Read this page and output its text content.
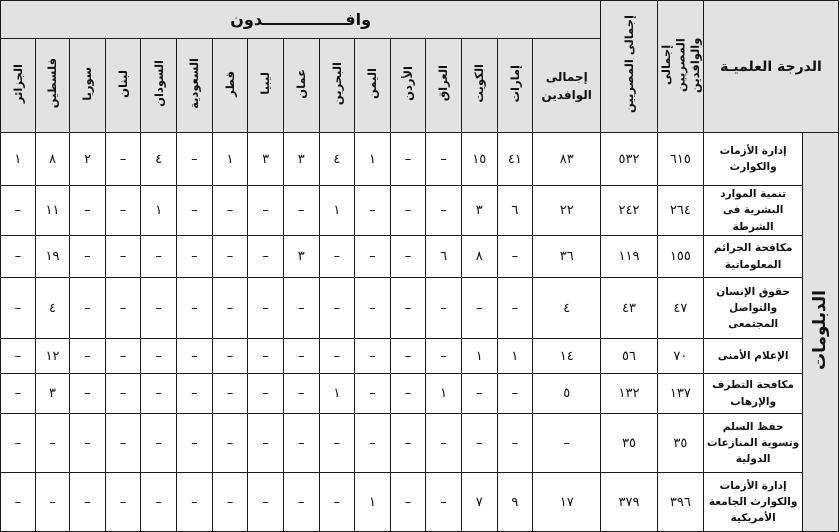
الدرجة العلميـة		إجمالى المصريين والوافدين	إجمالى المصريين	وافـــــــــــــــدون															
				إجمالى الوافدين	إمارات	الكويت	العراق	الأردن	اليمن	البحرين	عمان	ليبيا	قطر	السعودية	السودان	لبنان	سوريا	فلسطين	الجزائر
الدبلومات	إدارة الأزمات والكوارث	٦١٥	٥٣٢	٨٣	٤١	١٥	–	–	١	٤	٣	٣	١	–	٤	–	٢	٨	١
	تنمية الموارد البشرية فى الشرطة	٢٦٤	٢٤٢	٢٢	٦	٣	–	–	–	١	–	–	–	–	١	–	–	١١	–
	مكافحة الجرائم المعلوماتية	١٥٥	١١٩	٣٦	–	٨	٦	–	–	–	٣	–	–	–	–	–	–	١٩	–
	حقوق الإنسان والتواصل المجتمعى	٤٧	٤٣	٤	–	–	–	–	–	–	–	–	–	–	–	–	–	٤	–
	الإعلام الأمنى	٧٠	٥٦	١٤	١	١	–	–	–	–	–	–	–	–	–	–	–	١٢	–
	مكافحة التطرف والإرهاب	١٣٧	١٣٢	٥	–	–	١	–	–	١	–	–	–	–	–	–	–	٣	–
	حفظ السلم وتسوية المنازعات الدولية	٣٥	٣٥	–	–	–	–	–	–	–	–	–	–	–	–	–	–	–	–
	إدارة الأزمات والكوارث الجامعة الأمريكية	٣٩٦	٣٧٩	١٧	٩	٧	–	–	١	–	–	–	–	–	–	–	–	–	–
